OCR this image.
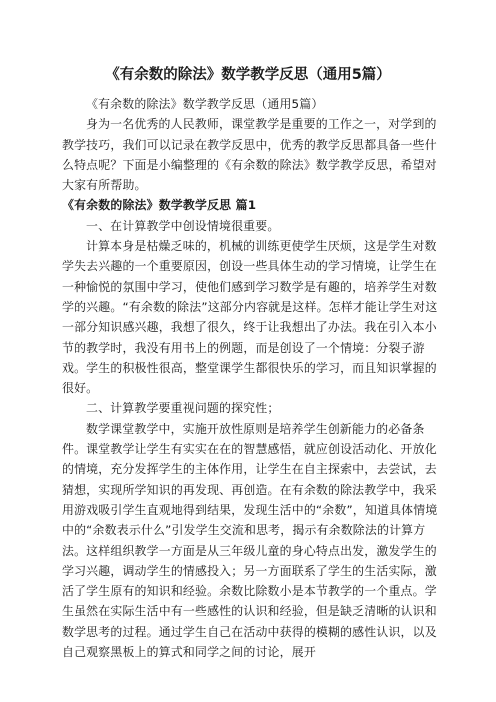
《有余数的除法》数学教学反思（通用5篇）

《有余数的除法》数学教学反思（通用5篇）

身为一名优秀的人民教师，课堂教学是重要的工作之一，对学到的教学技巧，我们可以记录在教学反思中，优秀的教学反思都具备一些什么特点呢？下面是小编整理的《有余数的除法》数学教学反思，希望对大家有所帮助。

《有余数的除法》数学教学反思 篇1

一、在计算教学中创设情境很重要。

计算本身是枯燥乏味的，机械的训练更使学生厌烦，这是学生对数学失去兴趣的一个重要原因，创设一些具体生动的学习情境，让学生在一种愉悦的氛围中学习，使他们感到学习数学是有趣的，培养学生对数学的兴趣。“有余数的除法”这部分内容就是这样。怎样才能让学生对这一部分知识感兴趣，我想了很久，终于让我想出了办法。我在引入本小节的教学时，我没有用书上的例题，而是创设了一个情境：分裂子游戏。学生的积极性很高，整堂课学生都很快乐的学习，而且知识掌握的很好。

二、计算教学要重视问题的探究性；

数学课堂教学中，实施开放性原则是培养学生创新能力的必备条件。课堂教学让学生有实实在在的智慧感悟，就应创设活动化、开放化的情境，充分发挥学生的主体作用，让学生在自主探索中，去尝试，去猜想，实现所学知识的再发现、再创造。在有余数的除法教学中，我采用游戏吸引学生直观地得到结果，发现生活中的“余数”，知道具体情境中的“余数表示什么”引发学生交流和思考，揭示有余数除法的计算方法。这样组织教学一方面是从三年级儿童的身心特点出发，激发学生的学习兴趣，调动学生的情感投入；另一方面联系了学生的生活实际，激活了学生原有的知识和经验。余数比除数小是本节教学的一个重点。学生虽然在实际生活中有一些感性的认识和经验，但是缺乏清晰的认识和数学思考的过程。通过学生自己在活动中获得的模糊的感性认识，以及自己观察黑板上的算式和同学之间的讨论，展开
